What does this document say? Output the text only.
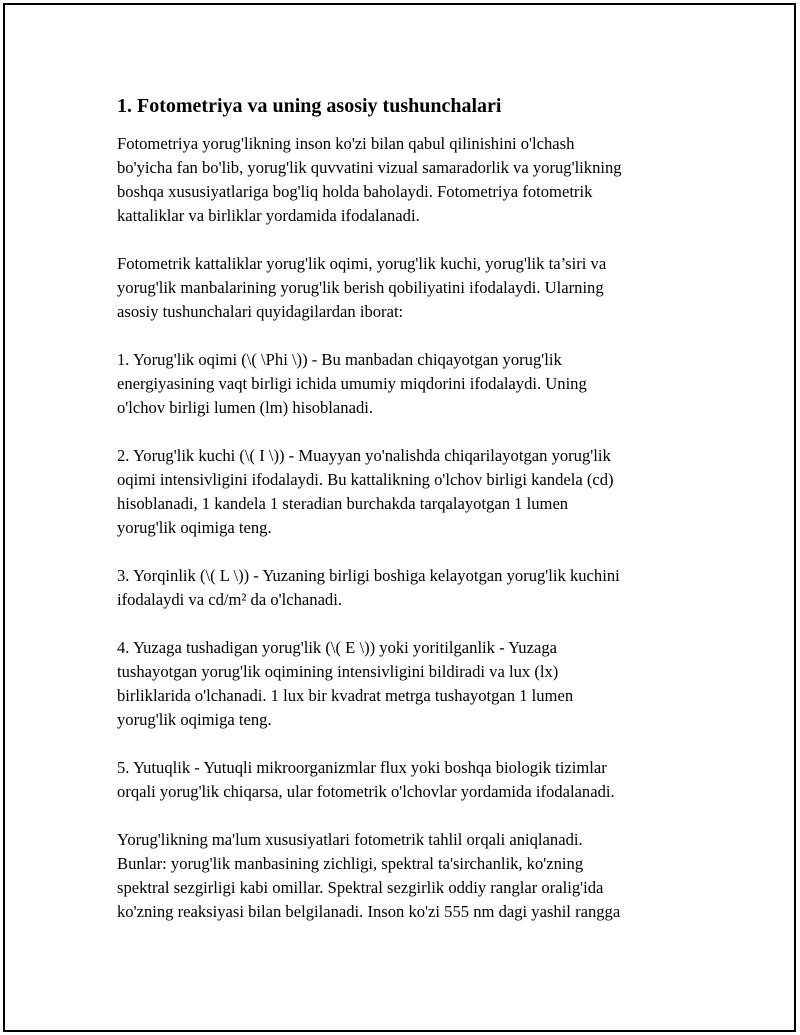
1. Fotometriya va uning asosiy tushunchalari

Fotometriya yorug'likning inson ko'zi bilan qabul qilinishini o'lchash
bo'yicha fan bo'lib, yorug'lik quvvatini vizual samaradorlik va yorug'likning
boshqa xususiyatlariga bog'liq holda baholaydi. Fotometriya fotometrik
kattaliklar va birliklar yordamida ifodalanadi.

Fotometrik kattaliklar yorug'lik oqimi, yorug'lik kuchi, yorug'lik ta’siri va
yorug'lik manbalarining yorug'lik berish qobiliyatini ifodalaydi. Ularning
asosiy tushunchalari quyidagilardan iborat:

1. Yorug'lik oqimi (\( \Phi \)) - Bu manbadan chiqayotgan yorug'lik
energiyasining vaqt birligi ichida umumiy miqdorini ifodalaydi. Uning
o'lchov birligi lumen (lm) hisoblanadi.

2. Yorug'lik kuchi (\( I \)) - Muayyan yo'nalishda chiqarilayotgan yorug'lik
oqimi intensivligini ifodalaydi. Bu kattalikning o'lchov birligi kandela (cd)
hisoblanadi, 1 kandela 1 steradian burchakda tarqalayotgan 1 lumen
yorug'lik oqimiga teng.

3. Yorqinlik (\( L \)) - Yuzaning birligi boshiga kelayotgan yorug'lik kuchini
ifodalaydi va cd/m² da o'lchanadi.

4. Yuzaga tushadigan yorug'lik (\( E \)) yoki yoritilganlik - Yuzaga
tushayotgan yorug'lik oqimining intensivligini bildiradi va lux (lx)
birliklarida o'lchanadi. 1 lux bir kvadrat metrga tushayotgan 1 lumen
yorug'lik oqimiga teng.

5. Yutuqlik - Yutuqli mikroorganizmlar flux yoki boshqa biologik tizimlar
orqali yorug'lik chiqarsa, ular fotometrik o'lchovlar yordamida ifodalanadi.

Yorug'likning ma'lum xususiyatlari fotometrik tahlil orqali aniqlanadi.
Bunlar: yorug'lik manbasining zichligi, spektral ta'sirchanlik, ko'zning
spektral sezgirligi kabi omillar. Spektral sezgirlik oddiy ranglar oralig'ida
ko'zning reaksiyasi bilan belgilanadi. Inson ko'zi 555 nm dagi yashil rangga
